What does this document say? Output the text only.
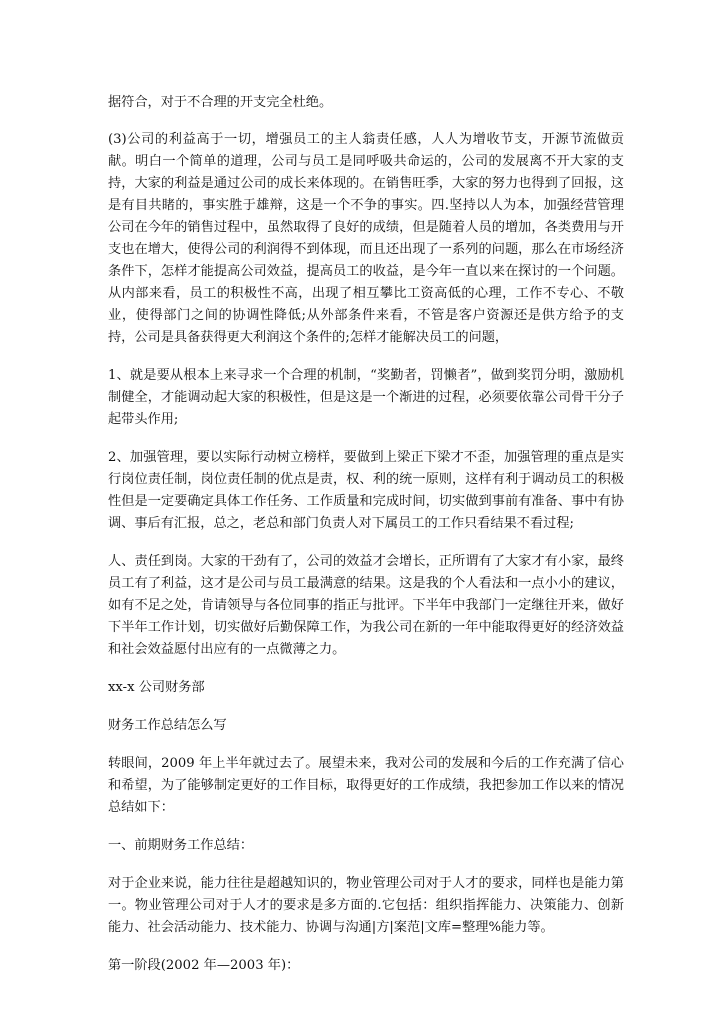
据符合，对于不合理的开支完全杜绝。

(3)公司的利益高于一切，增强员工的主人翁责任感，人人为增收节支，开源节流做贡献。明白一个简单的道理，公司与员工是同呼吸共命运的，公司的发展离不开大家的支持，大家的利益是通过公司的成长来体现的。在销售旺季，大家的努力也得到了回报，这是有目共睹的，事实胜于雄辩，这是一个不争的事实。四.坚持以人为本，加强经营管理公司在今年的销售过程中，虽然取得了良好的成绩，但是随着人员的增加，各类费用与开支也在增大，使得公司的利润得不到体现，而且还出现了一系列的问题，那么在市场经济条件下，怎样才能提高公司效益，提高员工的收益，是今年一直以来在探讨的一个问题。从内部来看，员工的积极性不高，出现了相互攀比工资高低的心理，工作不专心、不敬业，使得部门之间的协调性降低;从外部条件来看，不管是客户资源还是供方给予的支持，公司是具备获得更大利润这个条件的;怎样才能解决员工的问题，

1、就是要从根本上来寻求一个合理的机制，“奖勤者，罚懒者”，做到奖罚分明，激励机制健全，才能调动起大家的积极性，但是这是一个渐进的过程，必须要依靠公司骨干分子起带头作用;

2、加强管理，要以实际行动树立榜样，要做到上梁正下梁才不歪，加强管理的重点是实行岗位责任制，岗位责任制的优点是责，权、利的统一原则，这样有利于调动员工的积极性但是一定要确定具体工作任务、工作质量和完成时间，切实做到事前有准备、事中有协调、事后有汇报，总之，老总和部门负责人对下属员工的工作只看结果不看过程;

人、责任到岗。大家的干劲有了，公司的效益才会增长，正所谓有了大家才有小家，最终员工有了利益，这才是公司与员工最满意的结果。这是我的个人看法和一点小小的建议，如有不足之处，肯请领导与各位同事的指正与批评。下半年中我部门一定继往开来，做好下半年工作计划，切实做好后勤保障工作，为我公司在新的一年中能取得更好的经济效益和社会效益愿付出应有的一点微薄之力。

xx-x 公司财务部

财务工作总结怎么写

转眼间，2009 年上半年就过去了。展望未来，我对公司的发展和今后的工作充满了信心和希望，为了能够制定更好的工作目标，取得更好的工作成绩，我把参加工作以来的情况总结如下：

一、前期财务工作总结：

对于企业来说，能力往往是超越知识的，物业管理公司对于人才的要求，同样也是能力第一。物业管理公司对于人才的要求是多方面的.它包括：组织指挥能力、决策能力、创新能力、社会活动能力、技术能力、协调与沟通|方|案范|文库=整理%能力等。

第一阶段(2002 年—2003 年)：
